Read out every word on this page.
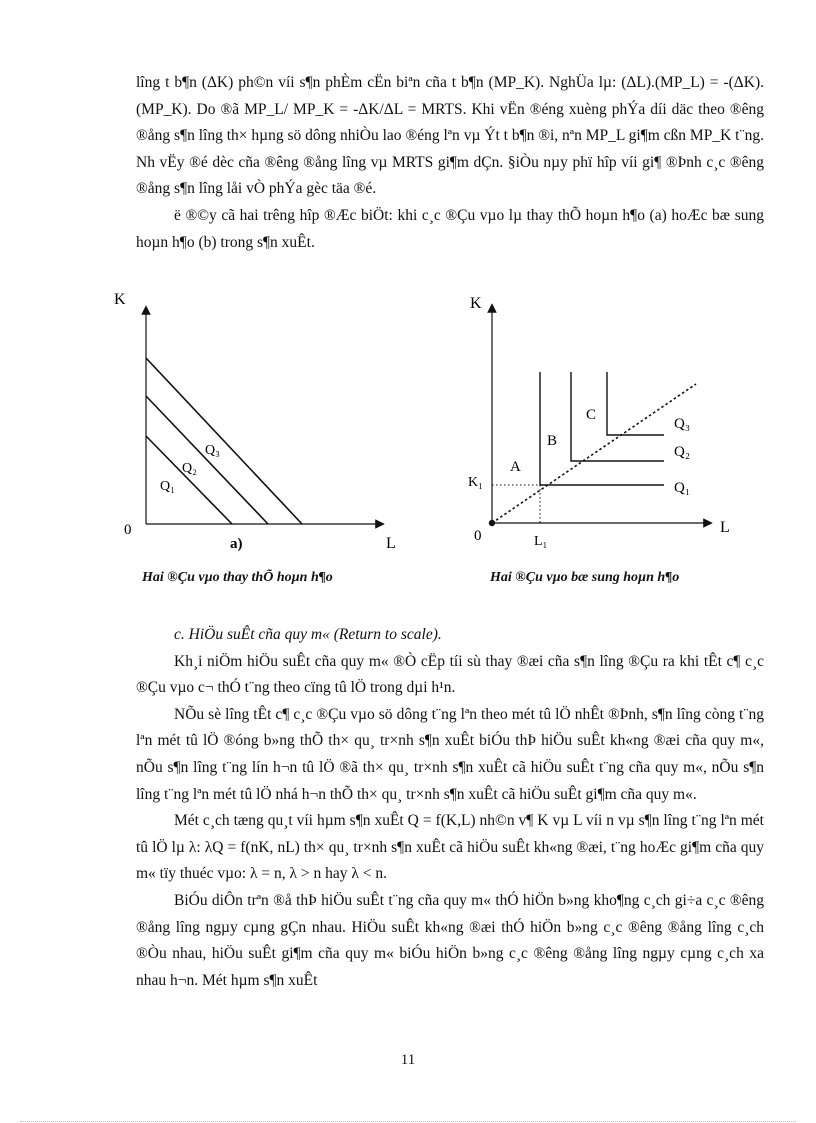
lîng t b¶n (ΔK) ph©n víi s¶n phÈm cËn biªn cña t b¶n (MP_K). NghÜa lµ: (ΔL).(MP_L) = -(ΔK). (MP_K). Do ®ã MP_L/ MP_K = -ΔK/ΔL = MRTS. Khi vËn ®éng xuèng phÝa díi däc theo ®êng ®ång s¶n lîng th× hµng sö dông nhiÒu lao ®éng lªn vµ Ýt t b¶n ®i, nªn MP_L gi¶m cßn MP_K t¨ng. Nh vËy ®é dèc cña ®êng ®ång lîng vµ MRTS gi¶m dÇn. §iÒu nµy phï hîp víi gi¶ ®Þnh c¸c ®êng ®ång s¶n lîng låi vÒ phÝa gèc täa ®é.

ë ®©y cã hai trêng hîp ®Æc biÖt: khi c¸c ®Çu vµo lµ thay thÕ hoµn h¶o (a) hoÆc bæ sung hoµn h¶o (b) trong s¶n xuÊt.

K
L
0
a)
Q₃
Q₂
Q₁
K
L
0
K₁
L₁
A
B
C
Q₃
Q₂
Q₁
Hai ®Çu vµo thay thÕ hoµn h¶o	Hai ®Çu vµo bæ sung hoµn h¶o

c. HiÖu suÊt cña quy m« (Return to scale).

Kh¸i niÖm hiÖu suÊt cña quy m« ®Ò cËp tíi sù thay ®æi cña s¶n lîng ®Çu ra khi tÊt c¶ c¸c ®Çu vµo c¬ thÓ t¨ng theo cïng tû lÖ trong dµi h¹n.

NÕu sè lîng tÊt c¶ c¸c ®Çu vµo sö dông t¨ng lªn theo mét tû lÖ nhÊt ®Þnh, s¶n lîng còng t¨ng lªn mét tû lÖ ®óng b»ng thÕ th× qu¸ tr×nh s¶n xuÊt biÓu thÞ hiÖu suÊt kh«ng ®æi cña quy m«, nÕu s¶n lîng t¨ng lín h¬n tû lÖ ®ã th× qu¸ tr×nh s¶n xuÊt cã hiÖu suÊt t¨ng cña quy m«, nÕu s¶n lîng t¨ng lªn mét tû lÖ nhá h¬n thÕ th× qu¸ tr×nh s¶n xuÊt cã hiÖu suÊt gi¶m cña quy m«.

Mét c¸ch tæng qu¸t víi hµm s¶n xuÊt Q = f(K,L) nh©n v¶ K vµ L víi n vµ s¶n lîng t¨ng lªn mét tû lÖ lµ λ: λQ = f(nK, nL) th× qu¸ tr×nh s¶n xuÊt cã hiÖu suÊt kh«ng ®æi, t¨ng hoÆc gi¶m cña quy m« tïy thuéc vµo: λ = n, λ > n hay λ < n.

BiÓu diÔn trªn ®å thÞ hiÖu suÊt t¨ng cña quy m« thÓ hiÖn b»ng kho¶ng c¸ch gi÷a c¸c ®êng ®ång lîng ngµy cµng gÇn nhau. HiÖu suÊt kh«ng ®æi thÓ hiÖn b»ng c¸c ®êng ®ång lîng c¸ch ®Òu nhau, hiÖu suÊt gi¶m cña quy m« biÓu hiÖn b»ng c¸c ®êng ®ång lîng ngµy cµng c¸ch xa nhau h¬n. Mét hµm s¶n xuÊt

11
